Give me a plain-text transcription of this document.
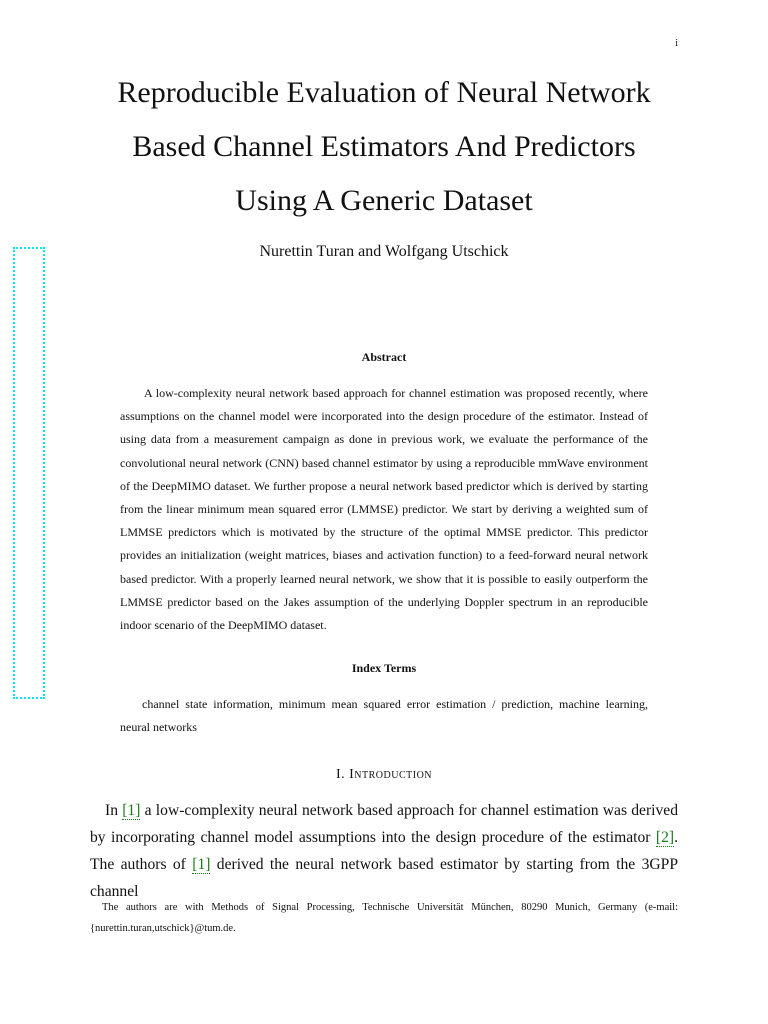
i
Reproducible Evaluation of Neural Network
Based Channel Estimators And Predictors
Using A Generic Dataset
Nurettin Turan and Wolfgang Utschick
Abstract

A low-complexity neural network based approach for channel estimation was proposed recently, where assumptions on the channel model were incorporated into the design procedure of the estimator. Instead of using data from a measurement campaign as done in previous work, we evaluate the performance of the convolutional neural network (CNN) based channel estimator by using a reproducible mmWave environment of the DeepMIMO dataset. We further propose a neural network based predictor which is derived by starting from the linear minimum mean squared error (LMMSE) predictor. We start by deriving a weighted sum of LMMSE predictors which is motivated by the structure of the optimal MMSE predictor. This predictor provides an initialization (weight matrices, biases and activation function) to a feed-forward neural network based predictor. With a properly learned neural network, we show that it is possible to easily outperform the LMMSE predictor based on the Jakes assumption of the underlying Doppler spectrum in an reproducible indoor scenario of the DeepMIMO dataset.

Index Terms

channel state information, minimum mean squared error estimation / prediction, machine learning, neural networks

I. Introduction

In [1] a low-complexity neural network based approach for channel estimation was derived by incorporating channel model assumptions into the design procedure of the estimator [2]. The authors of [1] derived the neural network based estimator by starting from the 3GPP channel

The authors are with Methods of Signal Processing, Technische Universität München, 80290 Munich, Germany (e-mail: {nurettin.turan,utschick}@tum.de.
